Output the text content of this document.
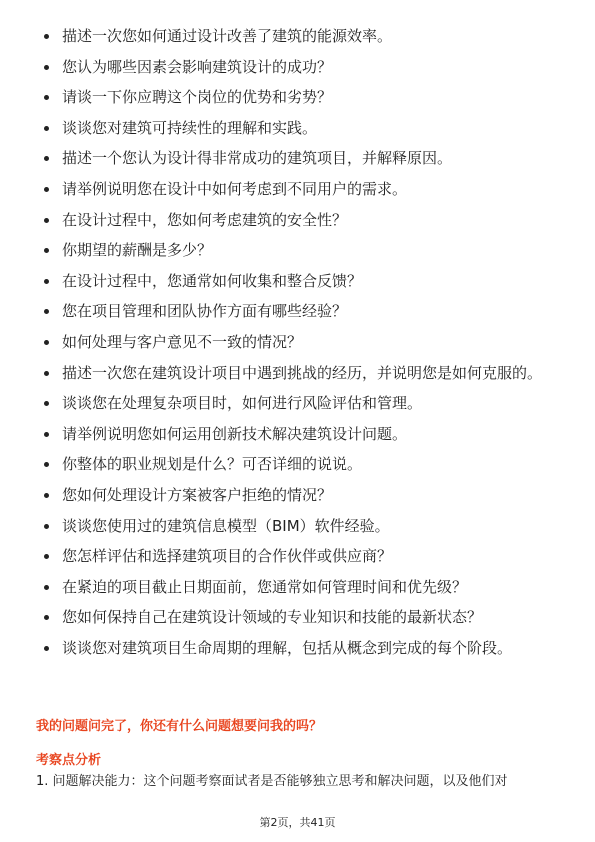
描述一次您如何通过设计改善了建筑的能源效率。
您认为哪些因素会影响建筑设计的成功？
请谈一下你应聘这个岗位的优势和劣势？
谈谈您对建筑可持续性的理解和实践。
描述一个您认为设计得非常成功的建筑项目，并解释原因。
请举例说明您在设计中如何考虑到不同用户的需求。
在设计过程中，您如何考虑建筑的安全性？
你期望的薪酬是多少？
在设计过程中，您通常如何收集和整合反馈？
您在项目管理和团队协作方面有哪些经验？
如何处理与客户意见不一致的情况？
描述一次您在建筑设计项目中遇到挑战的经历，并说明您是如何克服的。
谈谈您在处理复杂项目时，如何进行风险评估和管理。
请举例说明您如何运用创新技术解决建筑设计问题。
你整体的职业规划是什么？可否详细的说说。
您如何处理设计方案被客户拒绝的情况？
谈谈您使用过的建筑信息模型（BIM）软件经验。
您怎样评估和选择建筑项目的合作伙伴或供应商？
在紧迫的项目截止日期面前，您通常如何管理时间和优先级？
您如何保持自己在建筑设计领域的专业知识和技能的最新状态？
谈谈您对建筑项目生命周期的理解，包括从概念到完成的每个阶段。
我的问题问完了，你还有什么问题想要问我的吗？
考察点分析
1. 问题解决能力：这个问题考察面试者是否能够独立思考和解决问题，以及他们对
第2页，共41页
